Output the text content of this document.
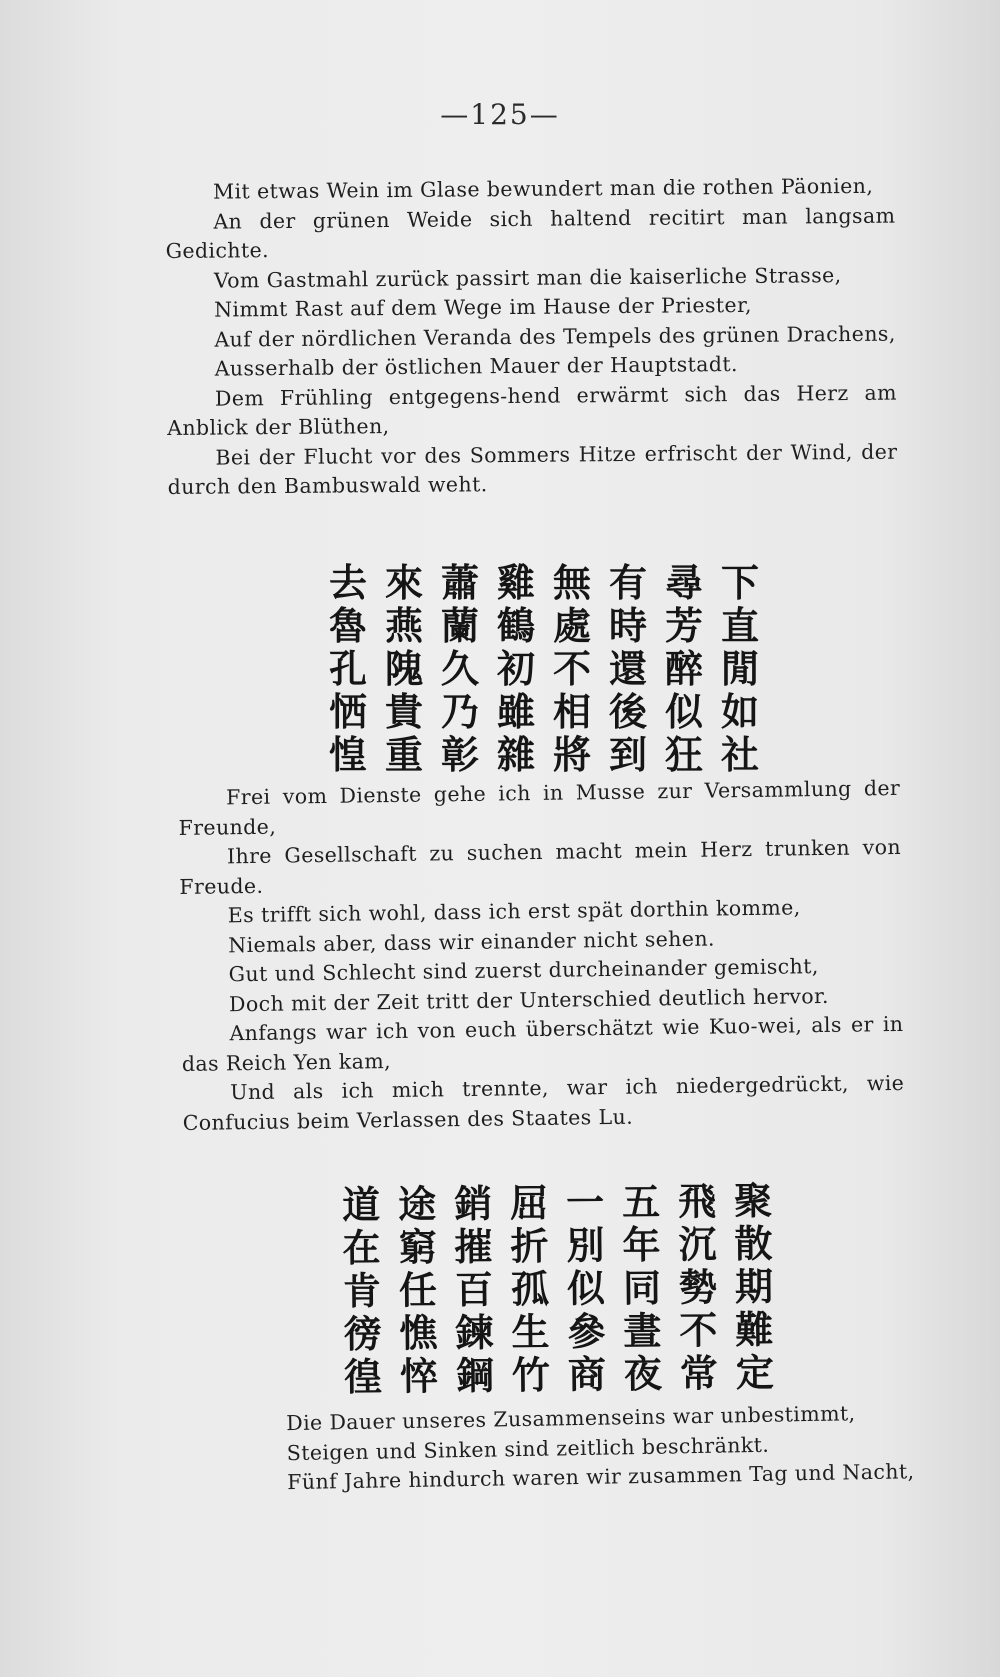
—125—

Mit etwas Wein im Glase bewundert man die rothen Päonien,

An der grünen Weide sich haltend recitirt man langsam Gedichte.

Vom Gastmahl zurück passirt man die kaiserliche Strasse,

Nimmt Rast auf dem Wege im Hause der Priester,

Auf der nördlichen Veranda des Tempels des grünen Drachens,

Ausserhalb der östlichen Mauer der Hauptstadt.

Dem Frühling entgegens-hend erwärmt sich das Herz am Anblick der Blüthen,

Bei der Flucht vor des Sommers Hitze erfrischt der Wind, der durch den Bambuswald weht.

下
直
閒
如
社
尋
芳
醉
似
狂
有
時
還
後
到
無
處
不
相
將
雞
鶴
初
雖
雜
蕭
蘭
久
乃
彰
來
燕
隗
貴
重
去
魯
孔
恓
惶

Frei vom Dienste gehe ich in Musse zur Versammlung der Freunde,

Ihre Gesellschaft zu suchen macht mein Herz trunken von Freude.

Es trifft sich wohl, dass ich erst spät dorthin komme,

Niemals aber, dass wir einander nicht sehen.

Gut und Schlecht sind zuerst durcheinander gemischt,

Doch mit der Zeit tritt der Unterschied deutlich hervor.

Anfangs war ich von euch überschätzt wie Kuo-wei, als er in das Reich Yen kam,

Und als ich mich trennte, war ich niedergedrückt, wie Confucius beim Verlassen des Staates Lu.

聚
散
期
難
定
飛
沉
勢
不
常
五
年
同
晝
夜
一
別
似
參
商
屈
折
孤
生
竹
銷
摧
百
鍊
鋼
途
窮
任
憔
悴
道
在
肯
徬
徨

Die Dauer unseres Zusammenseins war unbestimmt,

Steigen und Sinken sind zeitlich beschränkt.

Fünf Jahre hindurch waren wir zusammen Tag und Nacht,
